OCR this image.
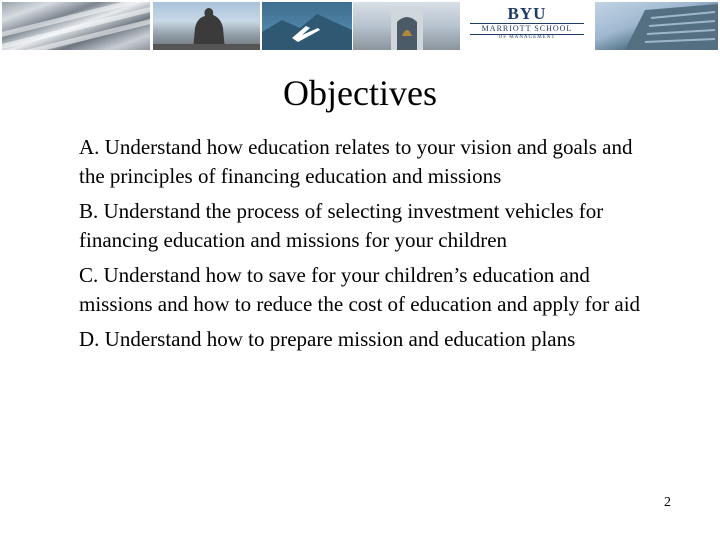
BYU
MARRIOTT SCHOOL
OF MANAGEMENT
Objectives
A. Understand how education relates to your vision and goals and the principles of financing education and missions
B. Understand the process of selecting investment vehicles for financing education and missions for your children
C. Understand how to save for your children’s education and missions and how to reduce the cost of education and apply for aid
D. Understand how to prepare mission and education plans
2
